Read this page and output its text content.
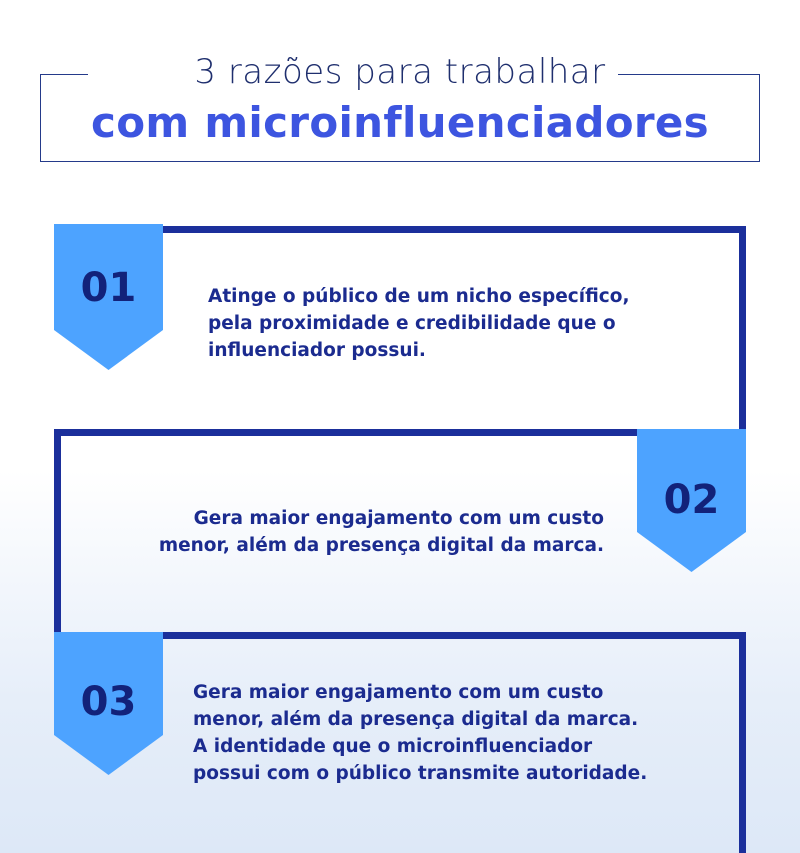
3 razões para trabalhar
com microinfluenciadores
01
02
03
Atinge o público de um nicho específico,
pela proximidade e credibilidade que o
influenciador possui.
Gera maior engajamento com um custo
menor, além da presença digital da marca.
Gera maior engajamento com um custo
menor, além da presença digital da marca.
A identidade que o microinfluenciador
possui com o público transmite autoridade.
